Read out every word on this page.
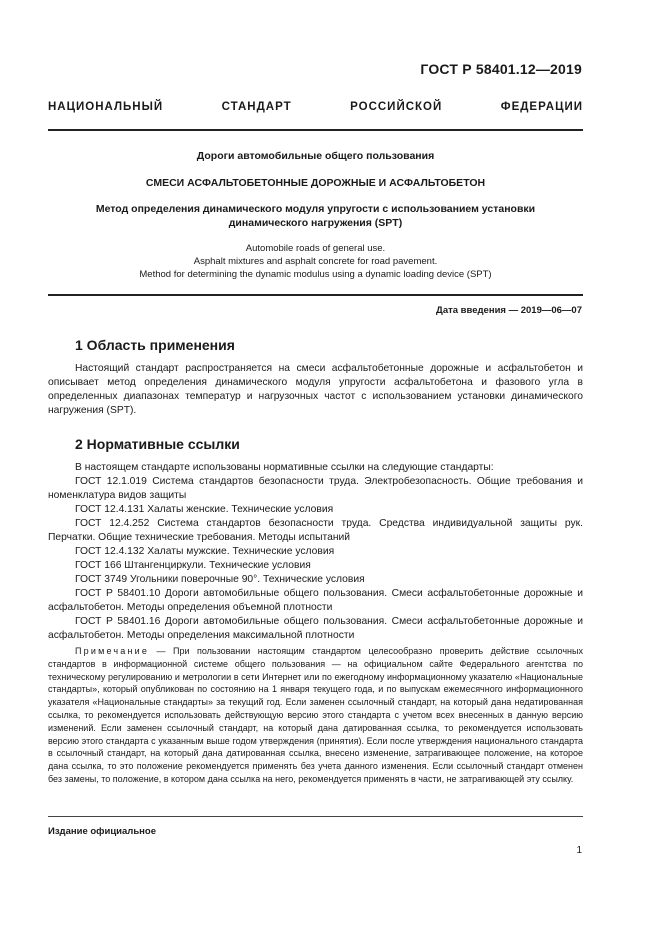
ГОСТ Р 58401.12—2019
НАЦИОНАЛЬНЫЙ СТАНДАРТ РОССИЙСКОЙ ФЕДЕРАЦИИ
Дороги автомобильные общего пользования
СМЕСИ АСФАЛЬТОБЕТОННЫЕ ДОРОЖНЫЕ И АСФАЛЬТОБЕТОН
Метод определения динамического модуля упругости с использованием установки
динамического нагружения (SPT)
Automobile roads of general use.
Asphalt mixtures and asphalt concrete for road pavement.
Method for determining the dynamic modulus using a dynamic loading device (SPT)
Дата введения — 2019—06—07
1 Область применения
Настоящий стандарт распространяется на смеси асфальтобетонные дорожные и асфальтобетон и описывает метод определения динамического модуля упругости асфальтобетона и фазового угла в определенных диапазонах температур и нагрузочных частот с использованием установки динамического нагружения (SPT).
2 Нормативные ссылки
В настоящем стандарте использованы нормативные ссылки на следующие стандарты:
ГОСТ 12.1.019 Система стандартов безопасности труда. Электробезопасность. Общие требования и номенклатура видов защиты
ГОСТ 12.4.131 Халаты женские. Технические условия
ГОСТ 12.4.252 Система стандартов безопасности труда. Средства индивидуальной защиты рук. Перчатки. Общие технические требования. Методы испытаний
ГОСТ 12.4.132 Халаты мужские. Технические условия
ГОСТ 166 Штангенциркули. Технические условия
ГОСТ 3749 Угольники поверочные 90°. Технические условия
ГОСТ Р 58401.10 Дороги автомобильные общего пользования. Смеси асфальтобетонные дорожные и асфальтобетон. Методы определения объемной плотности
ГОСТ Р 58401.16 Дороги автомобильные общего пользования. Смеси асфальтобетонные дорожные и асфальтобетон. Методы определения максимальной плотности
Примечание — При пользовании настоящим стандартом целесообразно проверить действие ссылочных стандартов в информационной системе общего пользования — на официальном сайте Федерального агентства по техническому регулированию и метрологии в сети Интернет или по ежегодному информационному указателю «Национальные стандарты», который опубликован по состоянию на 1 января текущего года, и по выпускам ежемесячного информационного указателя «Национальные стандарты» за текущий год. Если заменен ссылочный стандарт, на который дана недатированная ссылка, то рекомендуется использовать действующую версию этого стандарта с учетом всех внесенных в данную версию изменений. Если заменен ссылочный стандарт, на который дана датированная ссылка, то рекомендуется использовать версию этого стандарта с указанным выше годом утверждения (принятия). Если после утверждения национального стандарта в ссылочный стандарт, на который дана датированная ссылка, внесено изменение, затрагивающее положение, на которое дана ссылка, то это положение рекомендуется применять без учета данного изменения. Если ссылочный стандарт отменен без замены, то положение, в котором дана ссылка на него, рекомендуется применять в части, не затрагивающей эту ссылку.
Издание официальное
1
